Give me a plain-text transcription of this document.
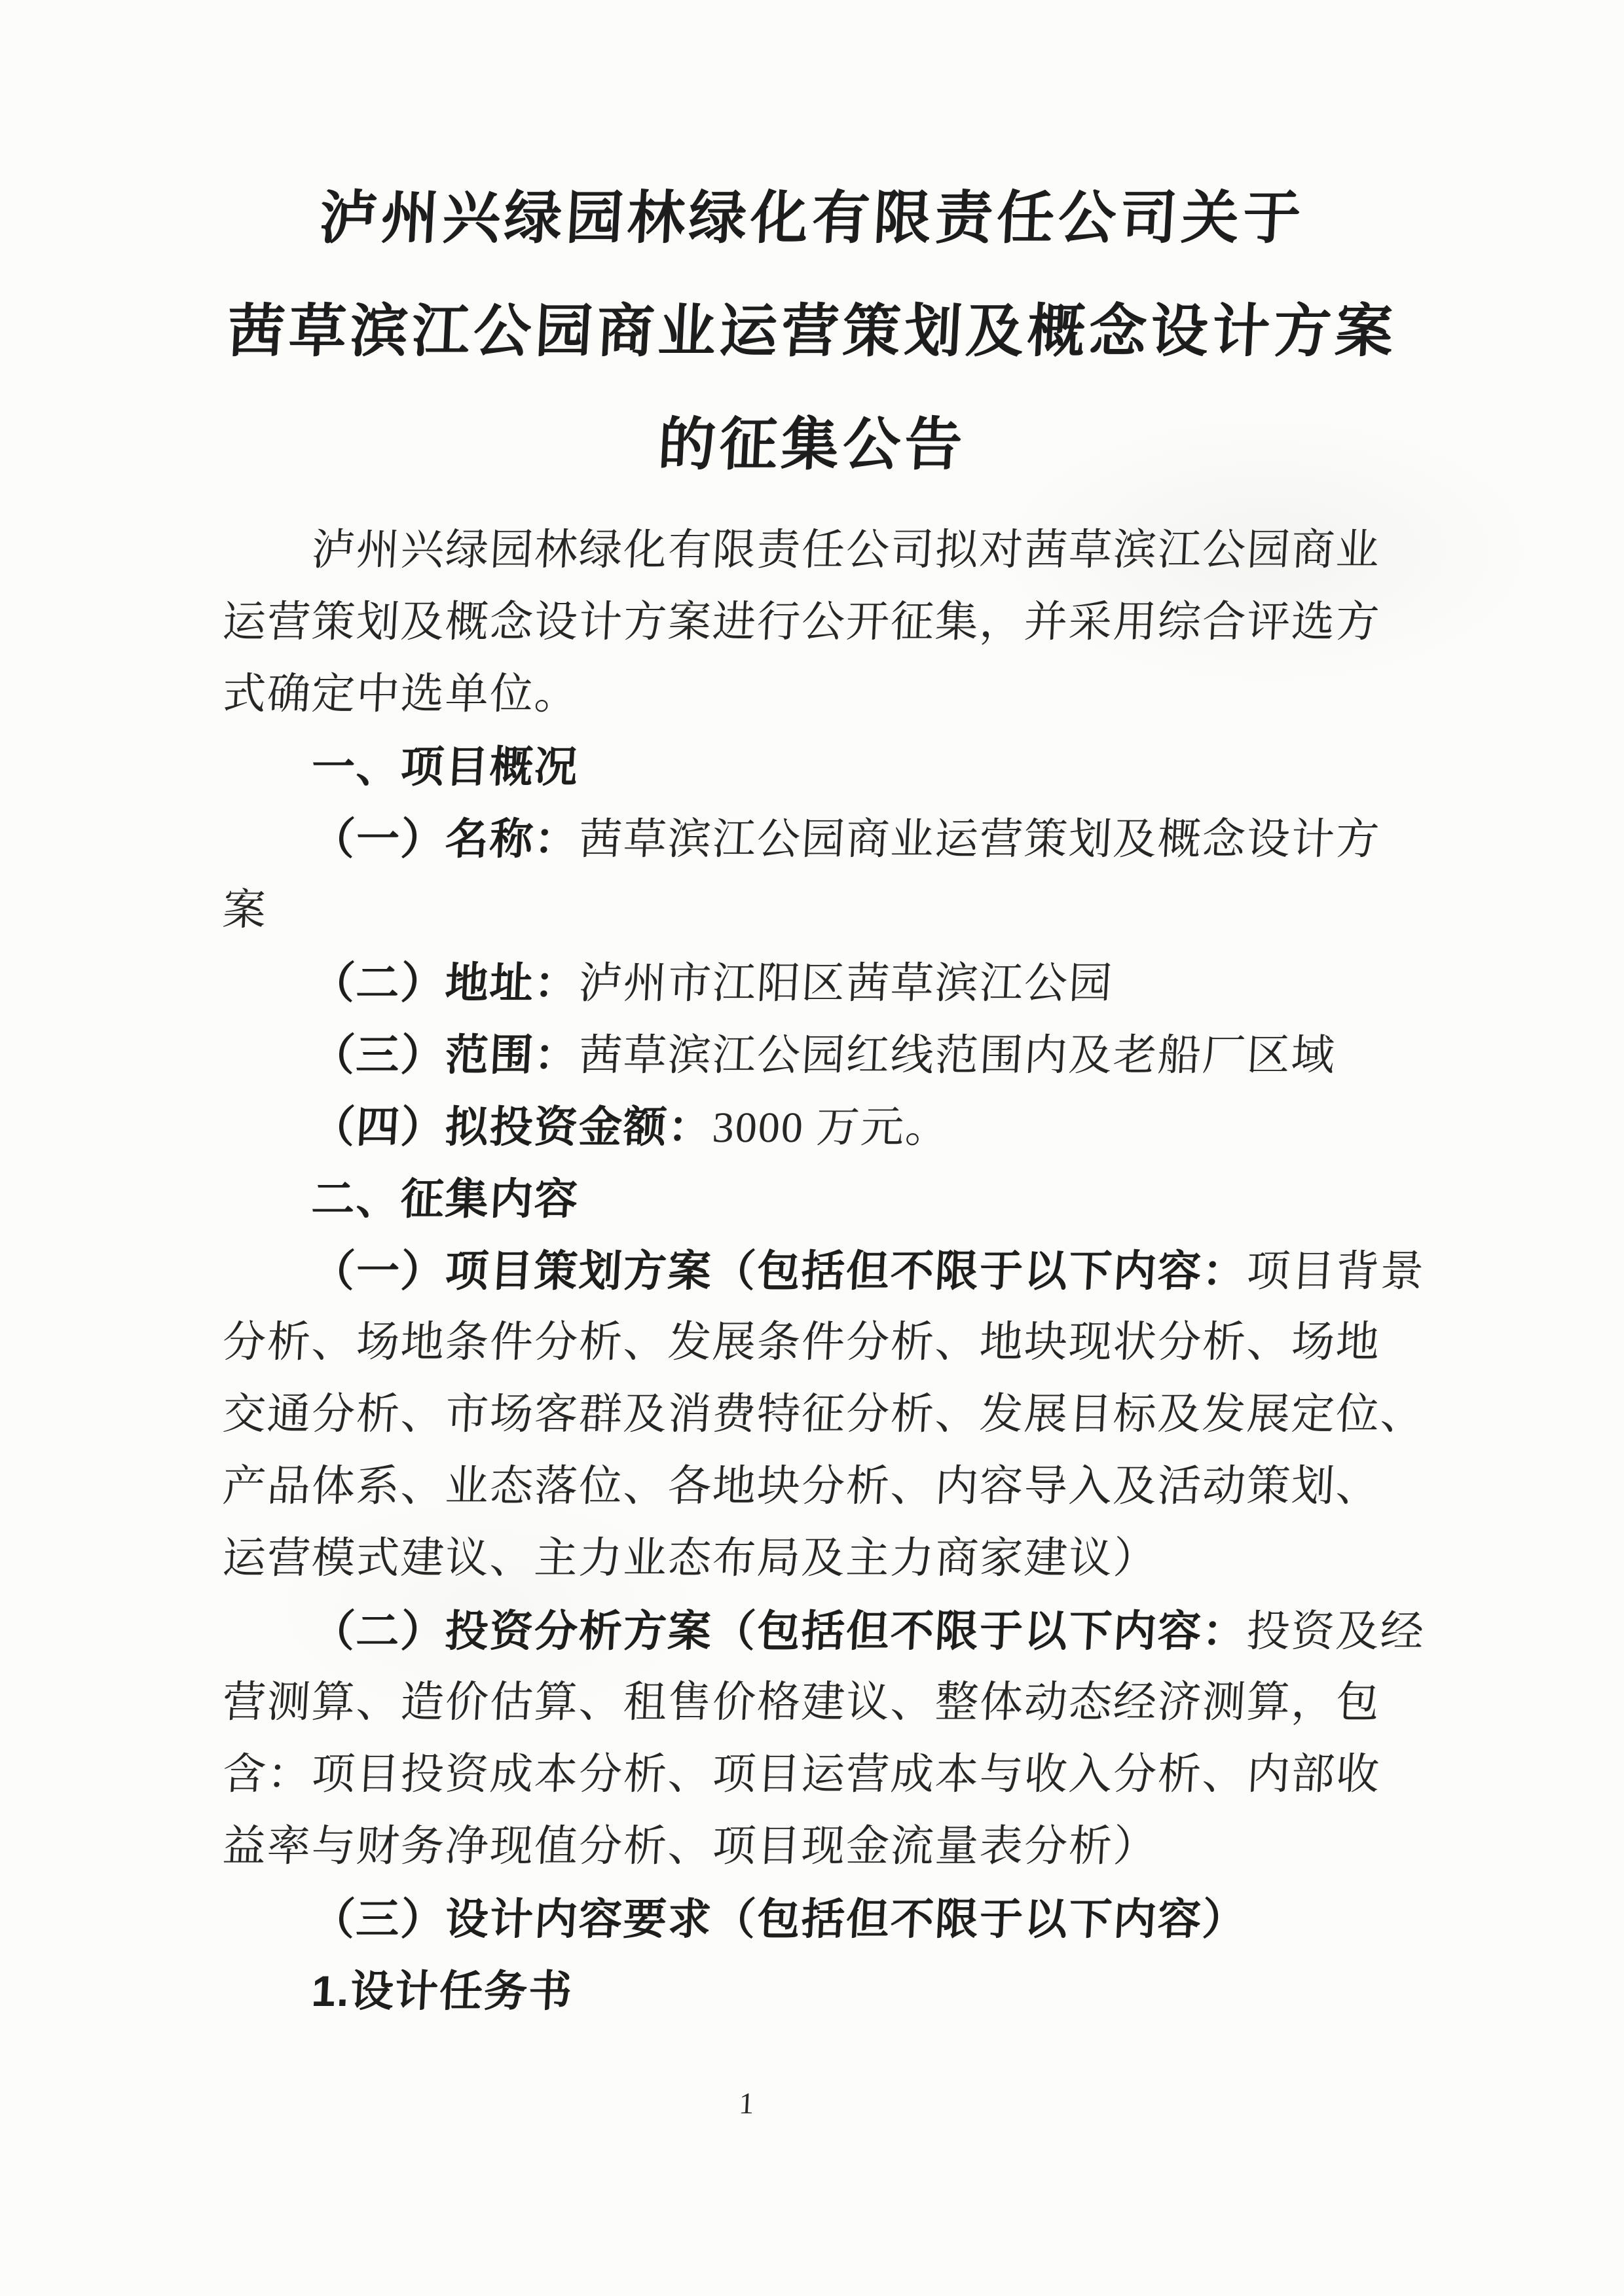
泸州兴绿园林绿化有限责任公司关于
茜草滨江公园商业运营策划及概念设计方案
的征集公告
泸州兴绿园林绿化有限责任公司拟对茜草滨江公园商业
运营策划及概念设计方案进行公开征集，并采用综合评选方
式确定中选单位。
一、项目概况
（一）名称：茜草滨江公园商业运营策划及概念设计方
案
（二）地址：泸州市江阳区茜草滨江公园
（三）范围：茜草滨江公园红线范围内及老船厂区域
（四）拟投资金额：3000 万元。
二、征集内容
（一）项目策划方案（包括但不限于以下内容：项目背景
分析、场地条件分析、发展条件分析、地块现状分析、场地
交通分析、市场客群及消费特征分析、发展目标及发展定位、
产品体系、业态落位、各地块分析、内容导入及活动策划、
运营模式建议、主力业态布局及主力商家建议）
（二）投资分析方案（包括但不限于以下内容：投资及经
营测算、造价估算、租售价格建议、整体动态经济测算，包
含：项目投资成本分析、项目运营成本与收入分析、内部收
益率与财务净现值分析、项目现金流量表分析）
（三）设计内容要求（包括但不限于以下内容）
1.设计任务书
1
